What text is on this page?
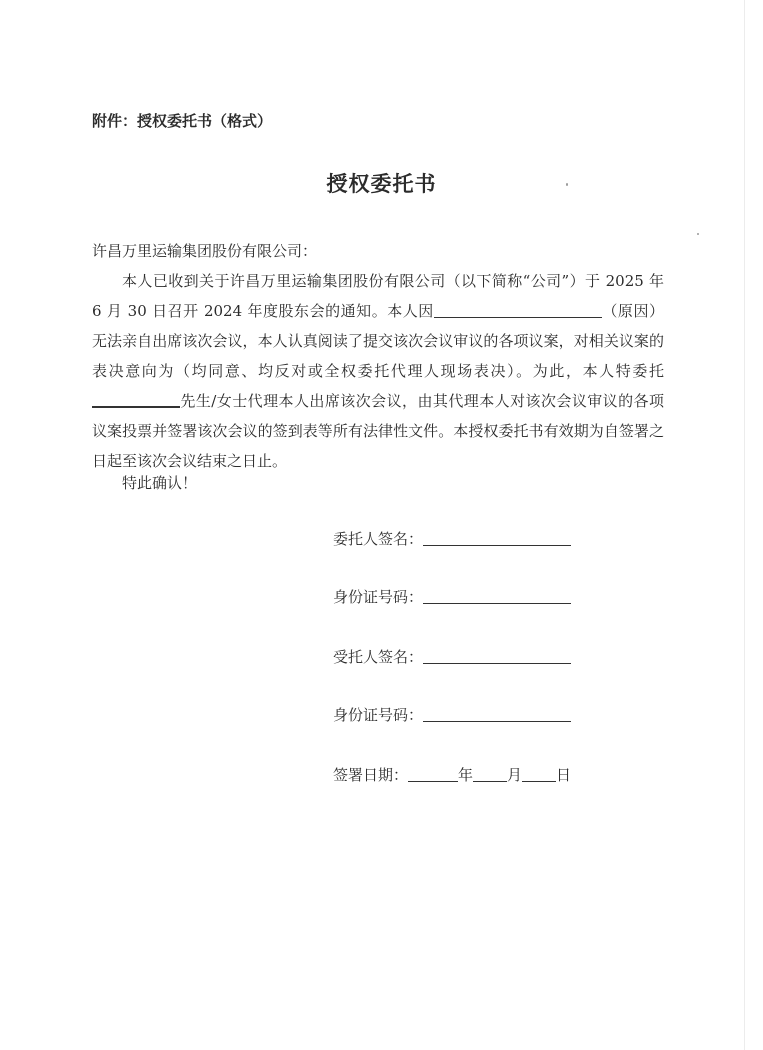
附件：授权委托书（格式）
授权委托书
许昌万里运输集团股份有限公司：

本人已收到关于许昌万里运输集团股份有限公司（以下简称“公司”）于 2025 年 6 月 30 日召开 2024 年度股东会的通知。本人因	（原因）无法亲自出席该次会议，本人认真阅读了提交该次会议审议的各项议案，对相关议案的表决意向为（均同意、均反对或全权委托代理人现场表决）。为此，本人特委托先生/女士代理本人出席该次会议，由其代理本人对该次会议审议的各项议案投票并签署该次会议的签到表等所有法律性文件。本授权委托书有效期为自签署之日起至该次会议结束之日止。

特此确认！
委托人签名：
身份证号码：
受托人签名：
身份证号码：
签署日期：	年 月 日
